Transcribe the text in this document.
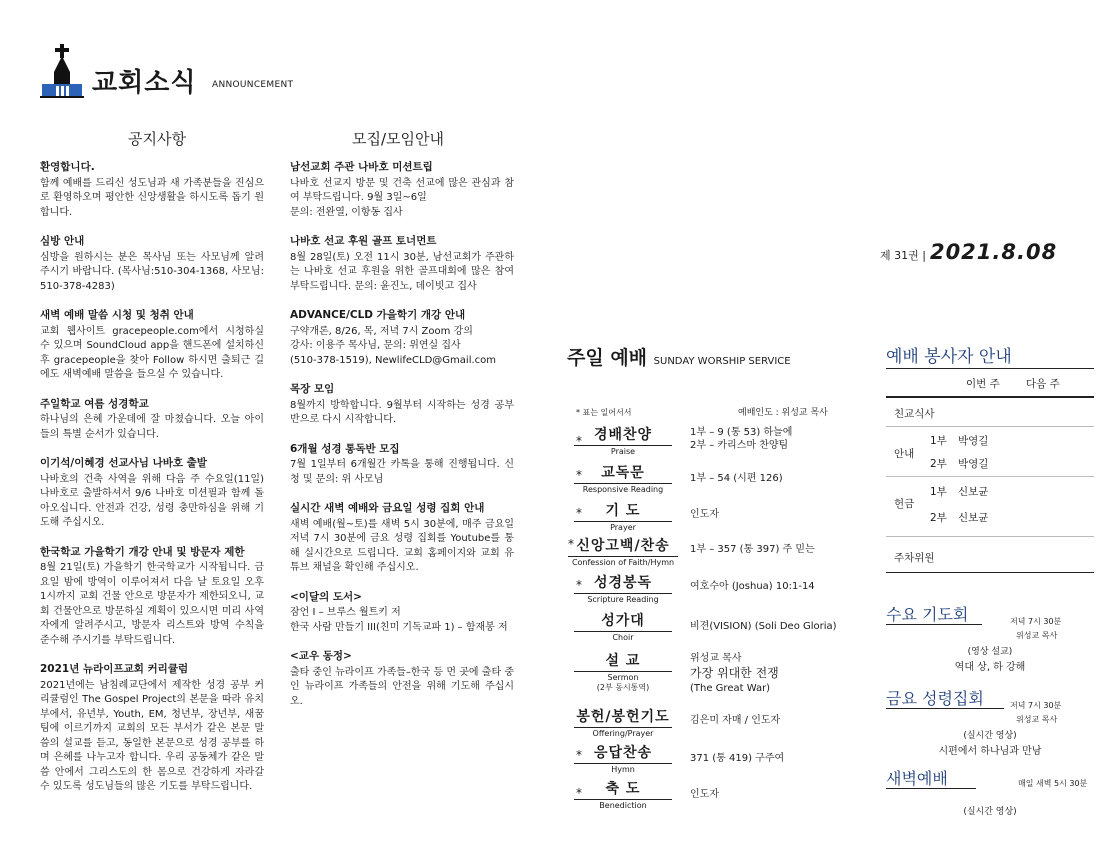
교회소식 ANNOUNCEMENT
공지사항
환영합니다.

함께 예배를 드리신 성도님과 새 가족분들을 진심으로 환영하오며 평안한 신앙생활을 하시도록 돕기 원합니다.

심방 안내

심방을 원하시는 분은 목사님 또는 사모님께 알려 주시기 바랍니다. (목사님:510-304-1368, 사모님: 510-378-4283)

새벽 예배 말씀 시청 및 청취 안내

교회 웹사이트 gracepeople.com에서 시청하실 수 있으며 SoundCloud app을 핸드폰에 설치하신 후 gracepeople을 찾아 Follow 하시면 출퇴근 길에도 새벽예배 말씀을 들으실 수 있습니다.

주일학교 여름 성경학교

하나님의 은혜 가운데에 잘 마쳤습니다. 오늘 아이들의 특별 순서가 있습니다.

이기석/이혜경 선교사님 나바호 출발

나바호의 건축 사역을 위해 다음 주 수요일(11일) 나바호로 출발하셔서 9/6 나바호 미션필과 함께 돌아오십니다. 안전과 건강, 성령 충만하심을 위해 기도해 주십시오.

한국학교 가을학기 개강 안내 및 방문자 제한

8월 21일(토) 가을학기 한국학교가 시작됩니다. 금요일 밤에 방역이 이루어져서 다음 날 토요일 오후 1시까지 교회 건물 안으로 방문자가 제한되오니, 교회 건물안으로 방문하실 계획이 있으시면 미리 사역자에게 알려주시고, 방문자 리스트와 방역 수칙을 준수해 주시기를 부탁드립니다.

2021년 뉴라이프교회 커리큘럼

2021년에는 남침례교단에서 제작한 성경 공부 커리큘럼인 The Gospel Project의 본문을 따라 유치부에서, 유년부, Youth, EM, 청년부, 장년부, 새꿈팀에 이르기까지 교회의 모든 부서가 같은 본문 말씀의 설교를 듣고, 동일한 본문으로 성경 공부를 하며 은혜를 나누고자 합니다. 우리 공동체가 같은 말씀 안에서 그리스도의 한 몸으로 건강하게 자라갈 수 있도록 성도님들의 많은 기도를 부탁드립니다.

모집/모임안내
남선교회 주관 나바호 미션트립

나바호 선교지 방문 및 건축 선교에 많은 관심과 참여 부탁드립니다. 9월 3일~6일
문의: 전완열, 이항동 집사

나바호 선교 후원 골프 토너먼트

8월 28일(토) 오전 11시 30분, 남선교회가 주관하는 나바호 선교 후원을 위한 골프대회에 많은 참여 부탁드립니다. 문의: 윤진노, 데이빗고 집사

ADVANCE/CLD 가을학기 개강 안내

구약개론, 8/26, 목, 저녁 7시 Zoom 강의
강사: 이용주 목사님, 문의: 위연실 집사
(510-378-1519), NewlifeCLD@Gmail.com

목장 모임

8월까지 방학합니다. 9월부터 시작하는 성경 공부반으로 다시 시작합니다.

6개월 성경 통독반 모집

7월 1일부터 6개월간 카톡을 통해 진행됩니다. 신청 및 문의: 위 사모님

실시간 새벽 예배와 금요일 성령 집회 안내

새벽 예배(월~토)를 새벽 5시 30분에, 매주 금요일 저녁 7시 30분에 금요 성령 집회를 Youtube를 통해 실시간으로 드립니다. 교회 홈페이지와 교회 유튜브 채널을 확인해 주십시오.

<이달의 도서>

잠언 I – 브루스 월트키 저
한국 사람 만들기 III(친미 기독교파 1) – 함재봉 저

<교우 동정>

출타 중인 뉴라이프 가족들–한국 등 먼 곳에 출타 중인 뉴라이프 가족들의 안전을 위해 기도해 주십시오.

제 31권 | 2021.8.08
주일 예배 SUNDAY WORSHIP SERVICE
* 표는 일어서서	예배인도 : 위성교 목사
* 경배찬양
Praise
1부 – 9 (통 53) 하늘에
2부 – 카리스마 찬양팀
*	교독문
Responsive Reading
1부 – 54 (시편 126)
*	기 도
Prayer
인도자
* 신앙고백/찬송
Confession of Faith/Hymn
1부 – 357 (통 397) 주 믿는
* 성경봉독
Scripture Reading
여호수아 (Joshua) 10:1-14
성가대
Choir
비젼(VISION) (Soli Deo Gloria)
설 교
Sermon
(2부 동시통역)
위성교 목사
가장 위대한 전쟁
(The Great War)
봉헌/봉헌기도
Offering/Prayer
김은미 자매 / 인도자
* 응답찬송
Hymn
371 (통 419) 구주여
*	축 도
Benediction
인도자
예배 봉사자 안내
이번 주 다음 주
친교식사
안내
1부 박영길
2부 박영길
헌금
1부 신보균
2부 신보균
주차위원
수요 기도회	저녁 7시 30분
위성교 목사
(영상 설교)
역대 상, 하 강해
금요 성령집회	저녁 7시 30분
위성교 목사
(실시간 영상)
시편에서 하나님과 만남
새벽예배	매일 새벽 5시 30분
(실시간 영상)
